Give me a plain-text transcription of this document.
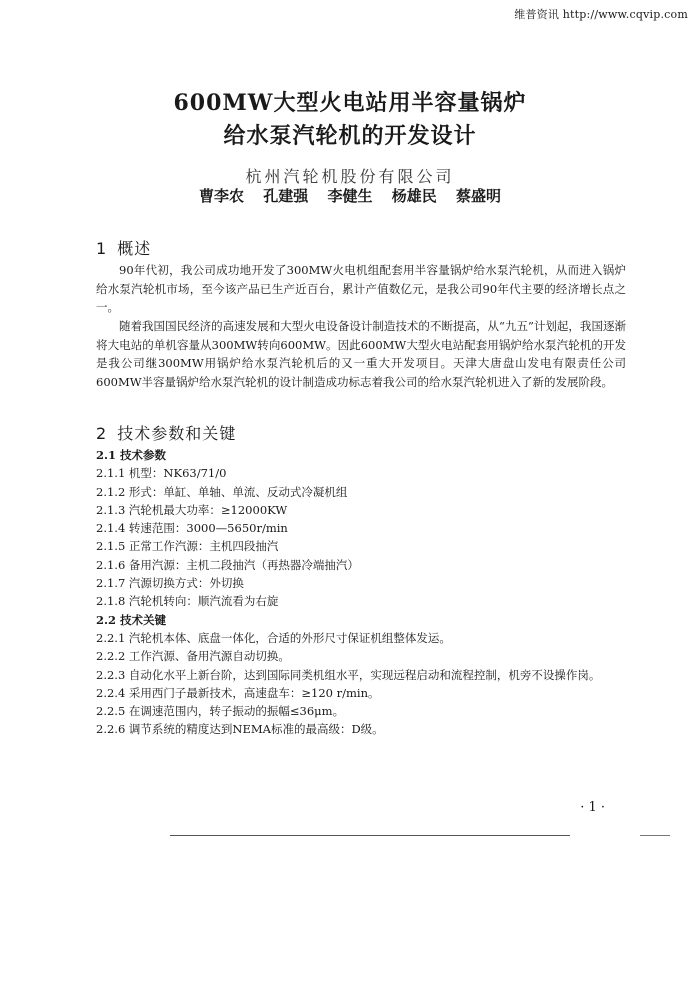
维普资讯 http://www.cqvip.com
600MW大型火电站用半容量锅炉
给水泵汽轮机的开发设计
杭州汽轮机股份有限公司
曹李农 孔建强 李健生 杨雄民 蔡盛明
1 概述

90年代初，我公司成功地开发了300MW火电机组配套用半容量锅炉给水泵汽轮机，从而进入锅炉给水泵汽轮机市场，至今该产品已生产近百台，累计产值数亿元，是我公司90年代主要的经济增长点之一。

随着我国国民经济的高速发展和大型火电设备设计制造技术的不断提高，从“九五”计划起，我国逐渐将大电站的单机容量从300MW转向600MW。因此600MW大型火电站配套用锅炉给水泵汽轮机的开发是我公司继300MW用锅炉给水泵汽轮机后的又一重大开发项目。天津大唐盘山发电有限责任公司600MW半容量锅炉给水泵汽轮机的设计制造成功标志着我公司的给水泵汽轮机进入了新的发展阶段。

2 技术参数和关键
2.1 技术参数
2.1.1 机型：NK63/71/0
2.1.2 形式：单缸、单轴、单流、反动式冷凝机组
2.1.3 汽轮机最大功率：≥12000KW
2.1.4 转速范围：3000—5650r/min
2.1.5 正常工作汽源：主机四段抽汽
2.1.6 备用汽源：主机二段抽汽（再热器冷端抽汽）
2.1.7 汽源切换方式：外切换
2.1.8 汽轮机转向：顺汽流看为右旋
2.2 技术关键
2.2.1 汽轮机本体、底盘一体化，合适的外形尺寸保证机组整体发运。
2.2.2 工作汽源、备用汽源自动切换。
2.2.3 自动化水平上新台阶，达到国际同类机组水平，实现远程启动和流程控制，机旁不设操作岗。
2.2.4 采用西门子最新技术，高速盘车：≥120 r/min。
2.2.5 在调速范围内，转子振动的振幅≤36μm。
2.2.6 调节系统的精度达到NEMA标准的最高级：D级。
· 1 ·
